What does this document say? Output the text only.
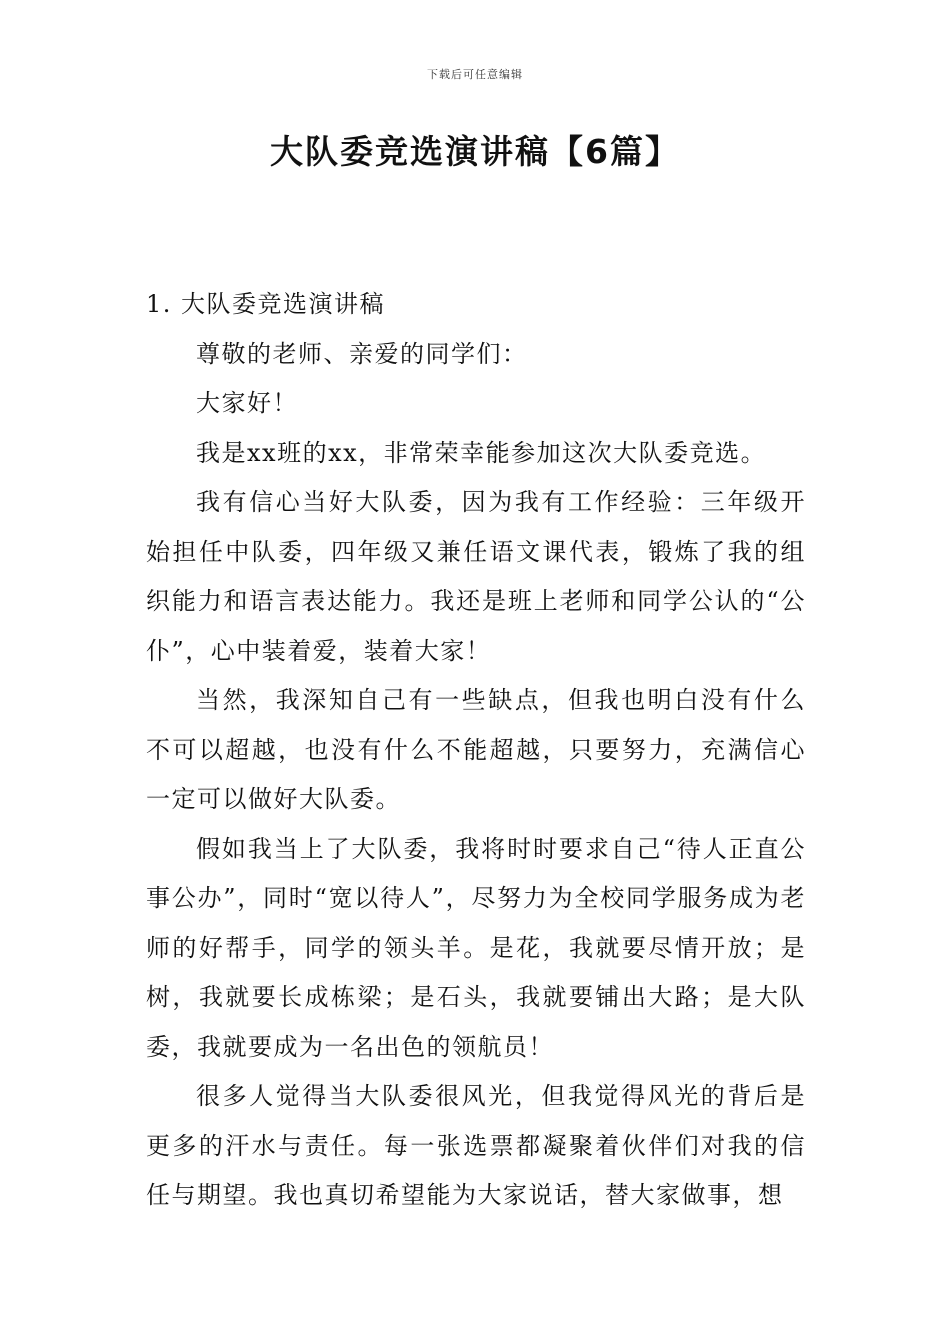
下载后可任意编辑
大队委竞选演讲稿【6篇】

1. 大队委竞选演讲稿

尊敬的老师、亲爱的同学们：

大家好！

我是xx班的xx，非常荣幸能参加这次大队委竞选。

我有信心当好大队委，因为我有工作经验：三年级开始担任中队委，四年级又兼任语文课代表，锻炼了我的组织能力和语言表达能力。我还是班上老师和同学公认的“公仆”，心中装着爱，装着大家！

当然，我深知自己有一些缺点，但我也明白没有什么不可以超越，也没有什么不能超越，只要努力，充满信心一定可以做好大队委。

假如我当上了大队委，我将时时要求自己“待人正直公事公办”，同时“宽以待人”，尽努力为全校同学服务成为老师的好帮手，同学的领头羊。是花，我就要尽情开放；是树，我就要长成栋梁；是石头，我就要铺出大路；是大队委，我就要成为一名出色的领航员！

很多人觉得当大队委很风光，但我觉得风光的背后是更多的汗水与责任。每一张选票都凝聚着伙伴们对我的信任与期望。我也真切希望能为大家说话，替大家做事，想
